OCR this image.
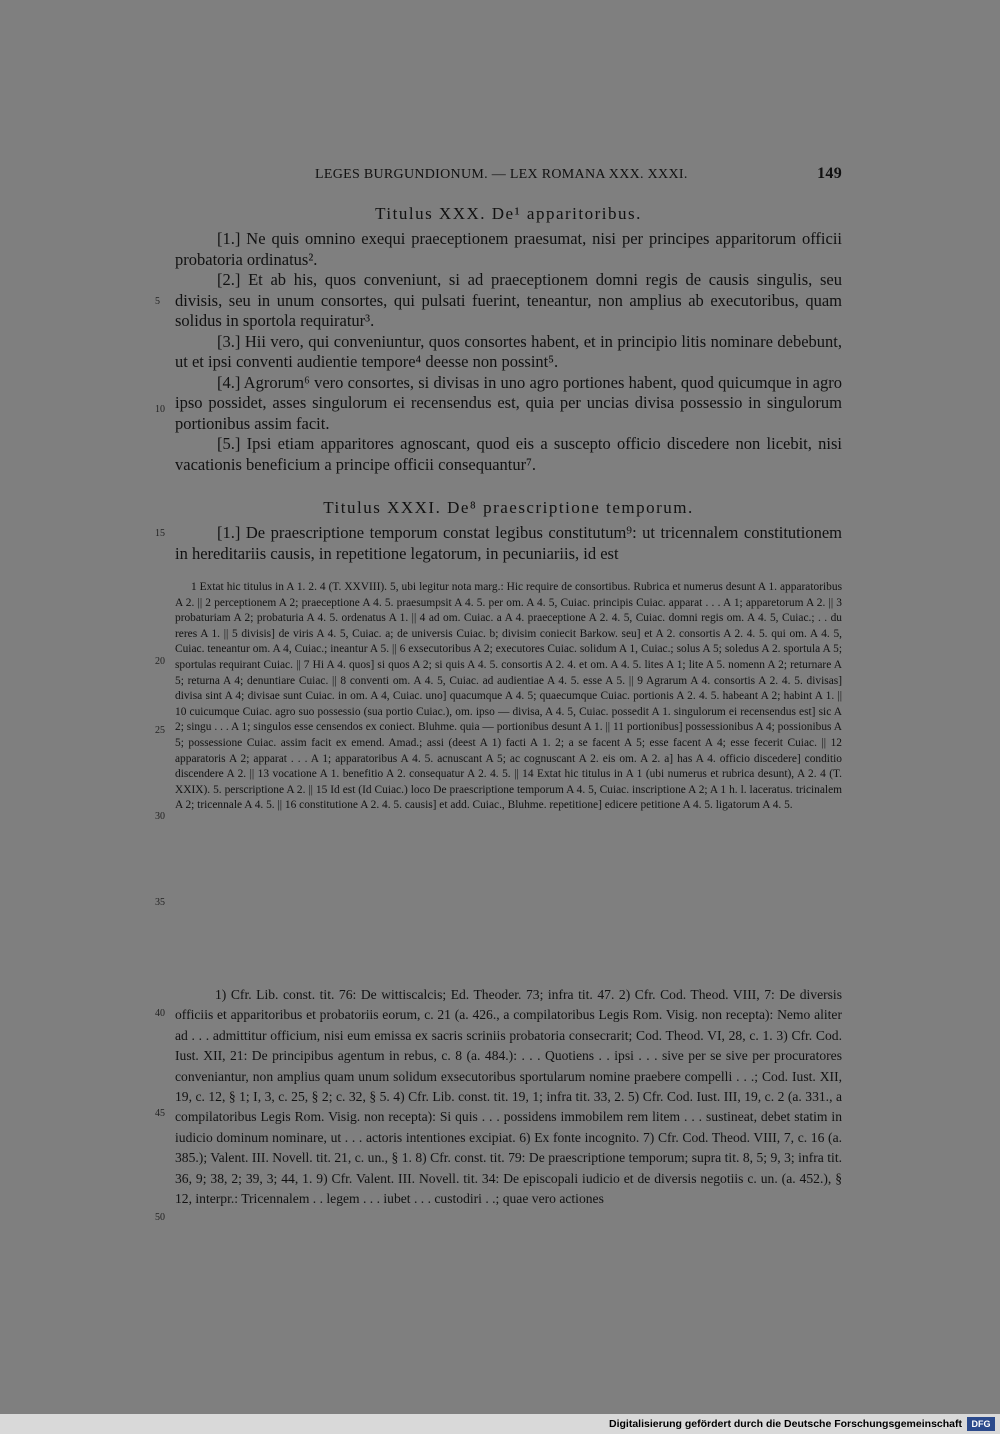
LEGES BURGUNDIONUM. — LEX ROMANA XXX. XXXI.	149
Titulus XXX. De¹ apparitoribus.

[1.] Ne quis omnino exequi praeceptionem praesumat, nisi per principes apparitorum officii probatoria ordinatus².

[2.] Et ab his, quos conveniunt, si ad praeceptionem domni regis de causis singulis, seu divisis, seu in unum consortes, qui pulsati fuerint, teneantur, non amplius ab executoribus, quam solidus in sportola requiratur³.

[3.] Hii vero, qui conveniuntur, quos consortes habent, et in principio litis nominare debebunt, ut et ipsi conventi audientie tempore⁴ deesse non possint⁵.

[4.] Agrorum⁶ vero consortes, si divisas in uno agro portiones habent, quod quicumque in agro ipso possidet, asses singulorum ei recensendus est, quia per uncias divisa possessio in singulorum portionibus assim facit.

[5.] Ipsi etiam apparitores agnoscant, quod eis a suscepto officio discedere non licebit, nisi vacationis beneficium a principe officii consequantur⁷.

Titulus XXXI. De⁸ praescriptione temporum.

[1.] De praescriptione temporum constat legibus constitutum⁹: ut tricennalem constitutionem in hereditariis causis, in repetitione legatorum, in pecuniariis, id est

5
10
15
20
25
30
35
40
45
50

1 Extat hic titulus in A 1. 2. 4 (T. XXVIII). 5, ubi legitur nota marg.: Hic require de consortibus. Rubrica et numerus desunt A 1. apparatoribus A 2. || 2 perceptionem A 2; praeceptione A 4. 5. praesumpsit A 4. 5. per om. A 4. 5, Cuiac. principis Cuiac. apparat . . . A 1; apparetorum A 2. || 3 probaturiam A 2; probaturia A 4. 5. ordenatus A 1. || 4 ad om. Cuiac. a A 4. praeceptione A 2. 4. 5, Cuiac. domni regis om. A 4. 5, Cuiac.; . . du reres A 1. || 5 divisis] de viris A 4. 5, Cuiac. a; de universis Cuiac. b; divisim coniecit Barkow. seu] et A 2. consortis A 2. 4. 5. qui om. A 4. 5, Cuiac. teneantur om. A 4, Cuiac.; ineantur A 5. || 6 exsecutoribus A 2; executores Cuiac. solidum A 1, Cuiac.; solus A 5; soledus A 2. sportula A 5; sportulas requirant Cuiac. || 7 Hi A 4. quos] si quos A 2; si quis A 4. 5. consortis A 2. 4. et om. A 4. 5. lites A 1; lite A 5. nomenn A 2; returnare A 5; returna A 4; denuntiare Cuiac. || 8 conventi om. A 4. 5, Cuiac. ad audientiae A 4. 5. esse A 5. || 9 Agrarum A 4. consortis A 2. 4. 5. divisas] divisa sint A 4; divisae sunt Cuiac. in om. A 4, Cuiac. uno] quacumque A 4. 5; quaecumque Cuiac. portionis A 2. 4. 5. habeant A 2; habint A 1. || 10 cuicumque Cuiac. agro suo possessio (sua portio Cuiac.), om. ipso — divisa, A 4. 5, Cuiac. possedit A 1. singulorum ei recensendus est] sic A 2; singu . . . A 1; singulos esse censendos ex coniect. Bluhme. quia — portionibus desunt A 1. || 11 portionibus] possessionibus A 4; possionibus A 5; possessione Cuiac. assim facit ex emend. Amad.; assi (deest A 1) facti A 1. 2; a se facent A 5; esse facent A 4; esse fecerit Cuiac. || 12 apparatoris A 2; apparat . . . A 1; apparatoribus A 4. 5. acnuscant A 5; ac cognuscant A 2. eis om. A 2. a] has A 4. officio discedere] conditio discendere A 2. || 13 vocatione A 1. benefitio A 2. consequatur A 2. 4. 5. || 14 Extat hic titulus in A 1 (ubi numerus et rubrica desunt), A 2. 4 (T. XXIX). 5. perscriptione A 2. || 15 Id est (Id Cuiac.) loco De praescriptione temporum A 4. 5, Cuiac. inscriptione A 2; A 1 h. l. laceratus. tricinalem A 2; tricennale A 4. 5. || 16 constitutione A 2. 4. 5. causis] et add. Cuiac., Bluhme. repetitione] edicere petitione A 4. 5. ligatorum A 4. 5.

1) Cfr. Lib. const. tit. 76: De wittiscalcis; Ed. Theoder. 73; infra tit. 47. 2) Cfr. Cod. Theod. VIII, 7: De diversis officiis et apparitoribus et probatoriis eorum, c. 21 (a. 426., a compilatoribus Legis Rom. Visig. non recepta): Nemo aliter ad . . . admittitur officium, nisi eum emissa ex sacris scriniis probatoria consecrarit; Cod. Theod. VI, 28, c. 1. 3) Cfr. Cod. Iust. XII, 21: De principibus agentum in rebus, c. 8 (a. 484.): . . . Quotiens . . ipsi . . . sive per se sive per procuratores conveniantur, non amplius quam unum solidum exsecutoribus sportularum nomine praebere compelli . . .; Cod. Iust. XII, 19, c. 12, § 1; I, 3, c. 25, § 2; c. 32, § 5. 4) Cfr. Lib. const. tit. 19, 1; infra tit. 33, 2. 5) Cfr. Cod. Iust. III, 19, c. 2 (a. 331., a compilatoribus Legis Rom. Visig. non recepta): Si quis . . . possidens immobilem rem litem . . . sustinеat, debet statim in iudicio dominum nominare, ut . . . actoris intentiones excipiat. 6) Ex fonte incognito. 7) Cfr. Cod. Theod. VIII, 7, c. 16 (a. 385.); Valent. III. Novell. tit. 21, c. un., § 1. 8) Cfr. const. tit. 79: De praescriptione temporum; supra tit. 8, 5; 9, 3; infra tit. 36, 9; 38, 2; 39, 3; 44, 1. 9) Cfr. Valent. III. Novell. tit. 34: De episcopali iudicio et de diversis negotiis c. un. (a. 452.), § 12, interpr.: Tricennalem . . legem . . . iubet . . . custodiri . .; quae vero actiones

Digitalisierung gefördert durch die Deutsche Forschungsgemeinschaft	DFG
